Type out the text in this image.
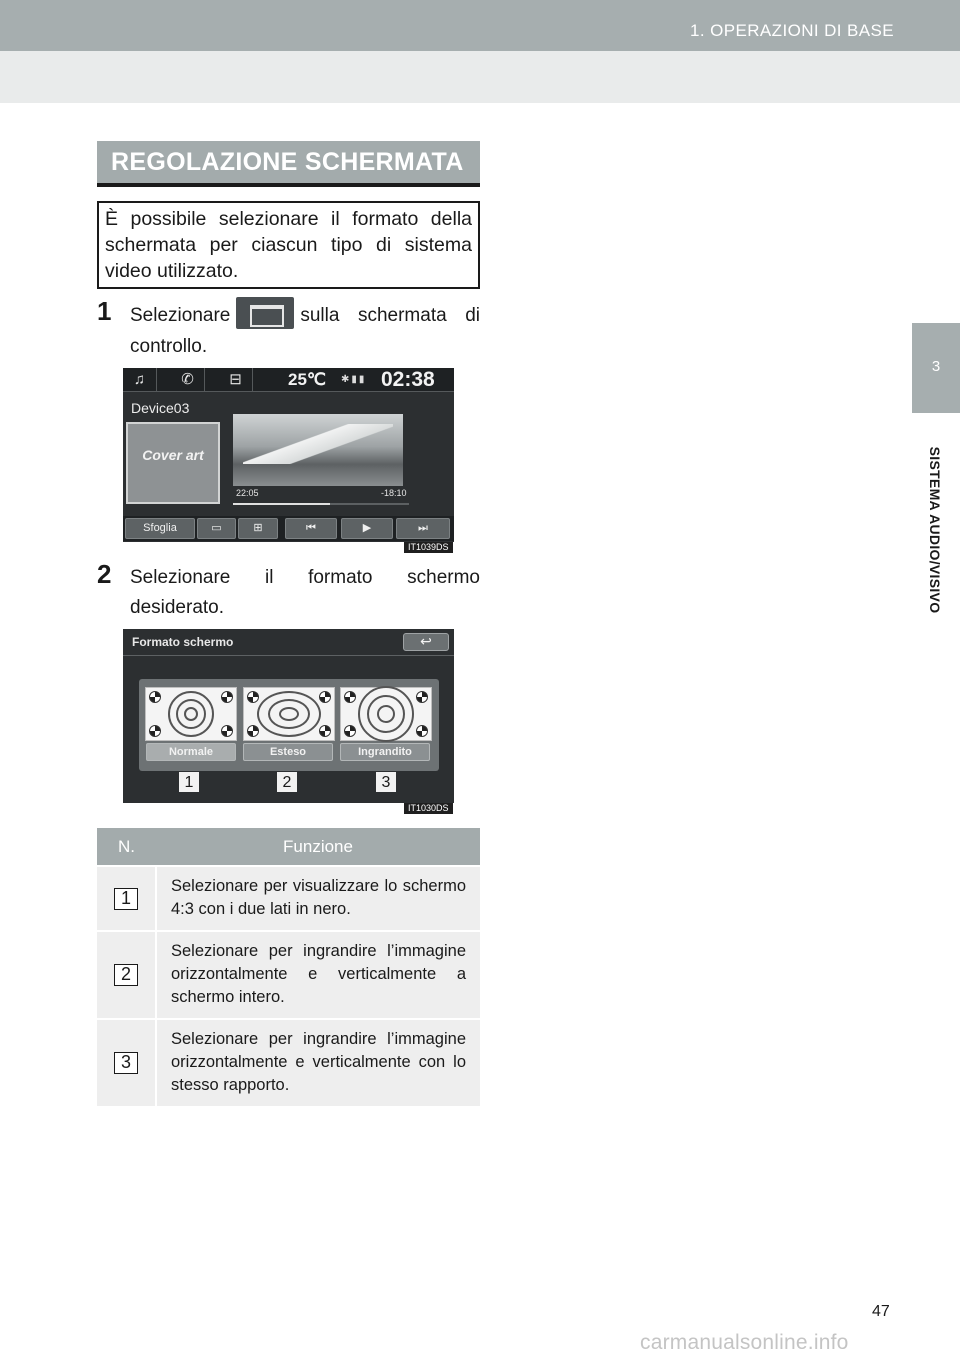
1. OPERAZIONI DI BASE
3
SISTEMA AUDIO/VISIVO
REGOLAZIONE SCHERMATA
È possibile selezionare il formato della schermata per ciascun tipo di sistema video utilizzato.
1 Selezionare	sulla schermata di controllo.
♫	✆	⊟	25℃ ✱▮▮ 02:38
Device03
Cover art
22:05	-18:10
Sfoglia	▭	⊞	⏮	▶	⏭
IT1039DS
2 Selezionare il formato schermo desiderato.
Formato schermo	↩
Normale	Esteso	Ingrandito
1	2	3
IT1030DS
N.	Funzione
1	Selezionare per visualizzare lo schermo 4:3 con i due lati in nero.
2	Selezionare per ingrandire l’immagine orizzontalmente e verticalmente a schermo intero.
3	Selezionare per ingrandire l’immagine orizzontalmente e verticalmente con lo stesso rapporto.
47
carmanualsonline.info
